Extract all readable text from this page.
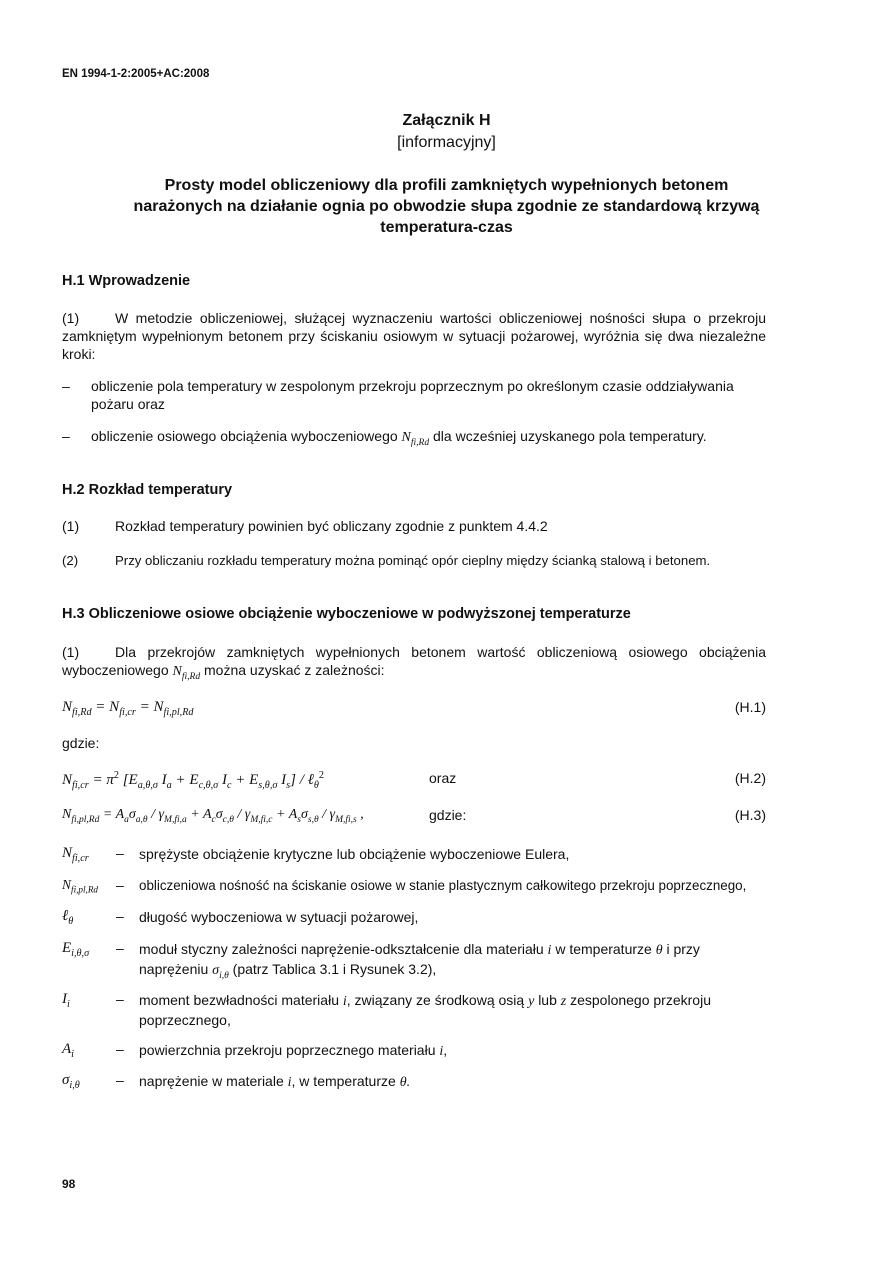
EN 1994-1-2:2005+AC:2008
Załącznik H
[informacyjny]
Prosty model obliczeniowy dla profili zamkniętych wypełnionych betonem
narażonych na działanie ognia po obwodzie słupa zgodnie ze standardową krzywą
temperatura-czas
H.1 Wprowadzenie
(1)	W metodzie obliczeniowej, służącej wyznaczeniu wartości obliczeniowej nośności słupa o przekroju zamkniętym wypełnionym betonem przy ściskaniu osiowym w sytuacji pożarowej, wyróżnia się dwa niezależne kroki:
– obliczenie pola temperatury w zespolonym przekroju poprzecznym po określonym czasie oddziaływania pożaru oraz
– obliczenie osiowego obciążenia wyboczeniowego $N_{fi,Rd}$ dla wcześniej uzyskanego pola temperatury.
H.2 Rozkład temperatury
(1)	Rozkład temperatury powinien być obliczany zgodnie z punktem 4.4.2
(2)	Przy obliczaniu rozkładu temperatury można pominąć opór cieplny między ścianką stalową i betonem.
H.3 Obliczeniowe osiowe obciążenie wyboczeniowe w podwyższonej temperaturze
(1)	Dla przekrojów zamkniętych wypełnionych betonem wartość obliczeniową osiowego obciążenia wyboczeniowego $N_{fi,Rd}$ można uzyskać z zależności:
$N_{fi,Rd} = N_{fi,cr} = N_{fi,pl,Rd}$	(H.1)
gdzie:
$N_{fi,cr} = \pi^2$ [$E_{a,\theta,\sigma}$ $I_a + E_{c,\theta,\sigma}$ $I_c + E_{s,\theta,\sigma}$ $I_s$] / ℓ$_\theta^2$	oraz	(H.2)
$N_{fi,pl,Rd} = A_a\sigma_{a,\theta} / \gamma_{M,fi,a} + A_c\sigma_{c,\theta} / \gamma_{M,fi,c} + A_s\sigma_{s,\theta} / \gamma_{M,fi,s}$ ,	gdzie:	(H.3)
$N_{fi,cr}$ – sprężyste obciążenie krytyczne lub obciążenie wyboczeniowe Eulera,
$N_{fi,pl,Rd}$ – obliczeniowa nośność na ściskanie osiowe w stanie plastycznym całkowitego przekroju poprzecznego,
ℓ$_\theta$	– długość wyboczeniowa w sytuacji pożarowej,
$E_{i,\theta,\sigma}$ – moduł styczny zależności naprężenie-odkształcenie dla materiału i w temperaturze θ i przy naprężeniu $\sigma_{i,\theta}$ (patrz Tablica 3.1 i Rysunek 3.2),
$I_i$	– moment bezwładności materiału i, związany ze środkową osią y lub z zespolonego przekroju poprzecznego,
$A_i$	– powierzchnia przekroju poprzecznego materiału i,
$\sigma_{i,\theta}$	– naprężenie w materiale i, w temperaturze θ.
98
